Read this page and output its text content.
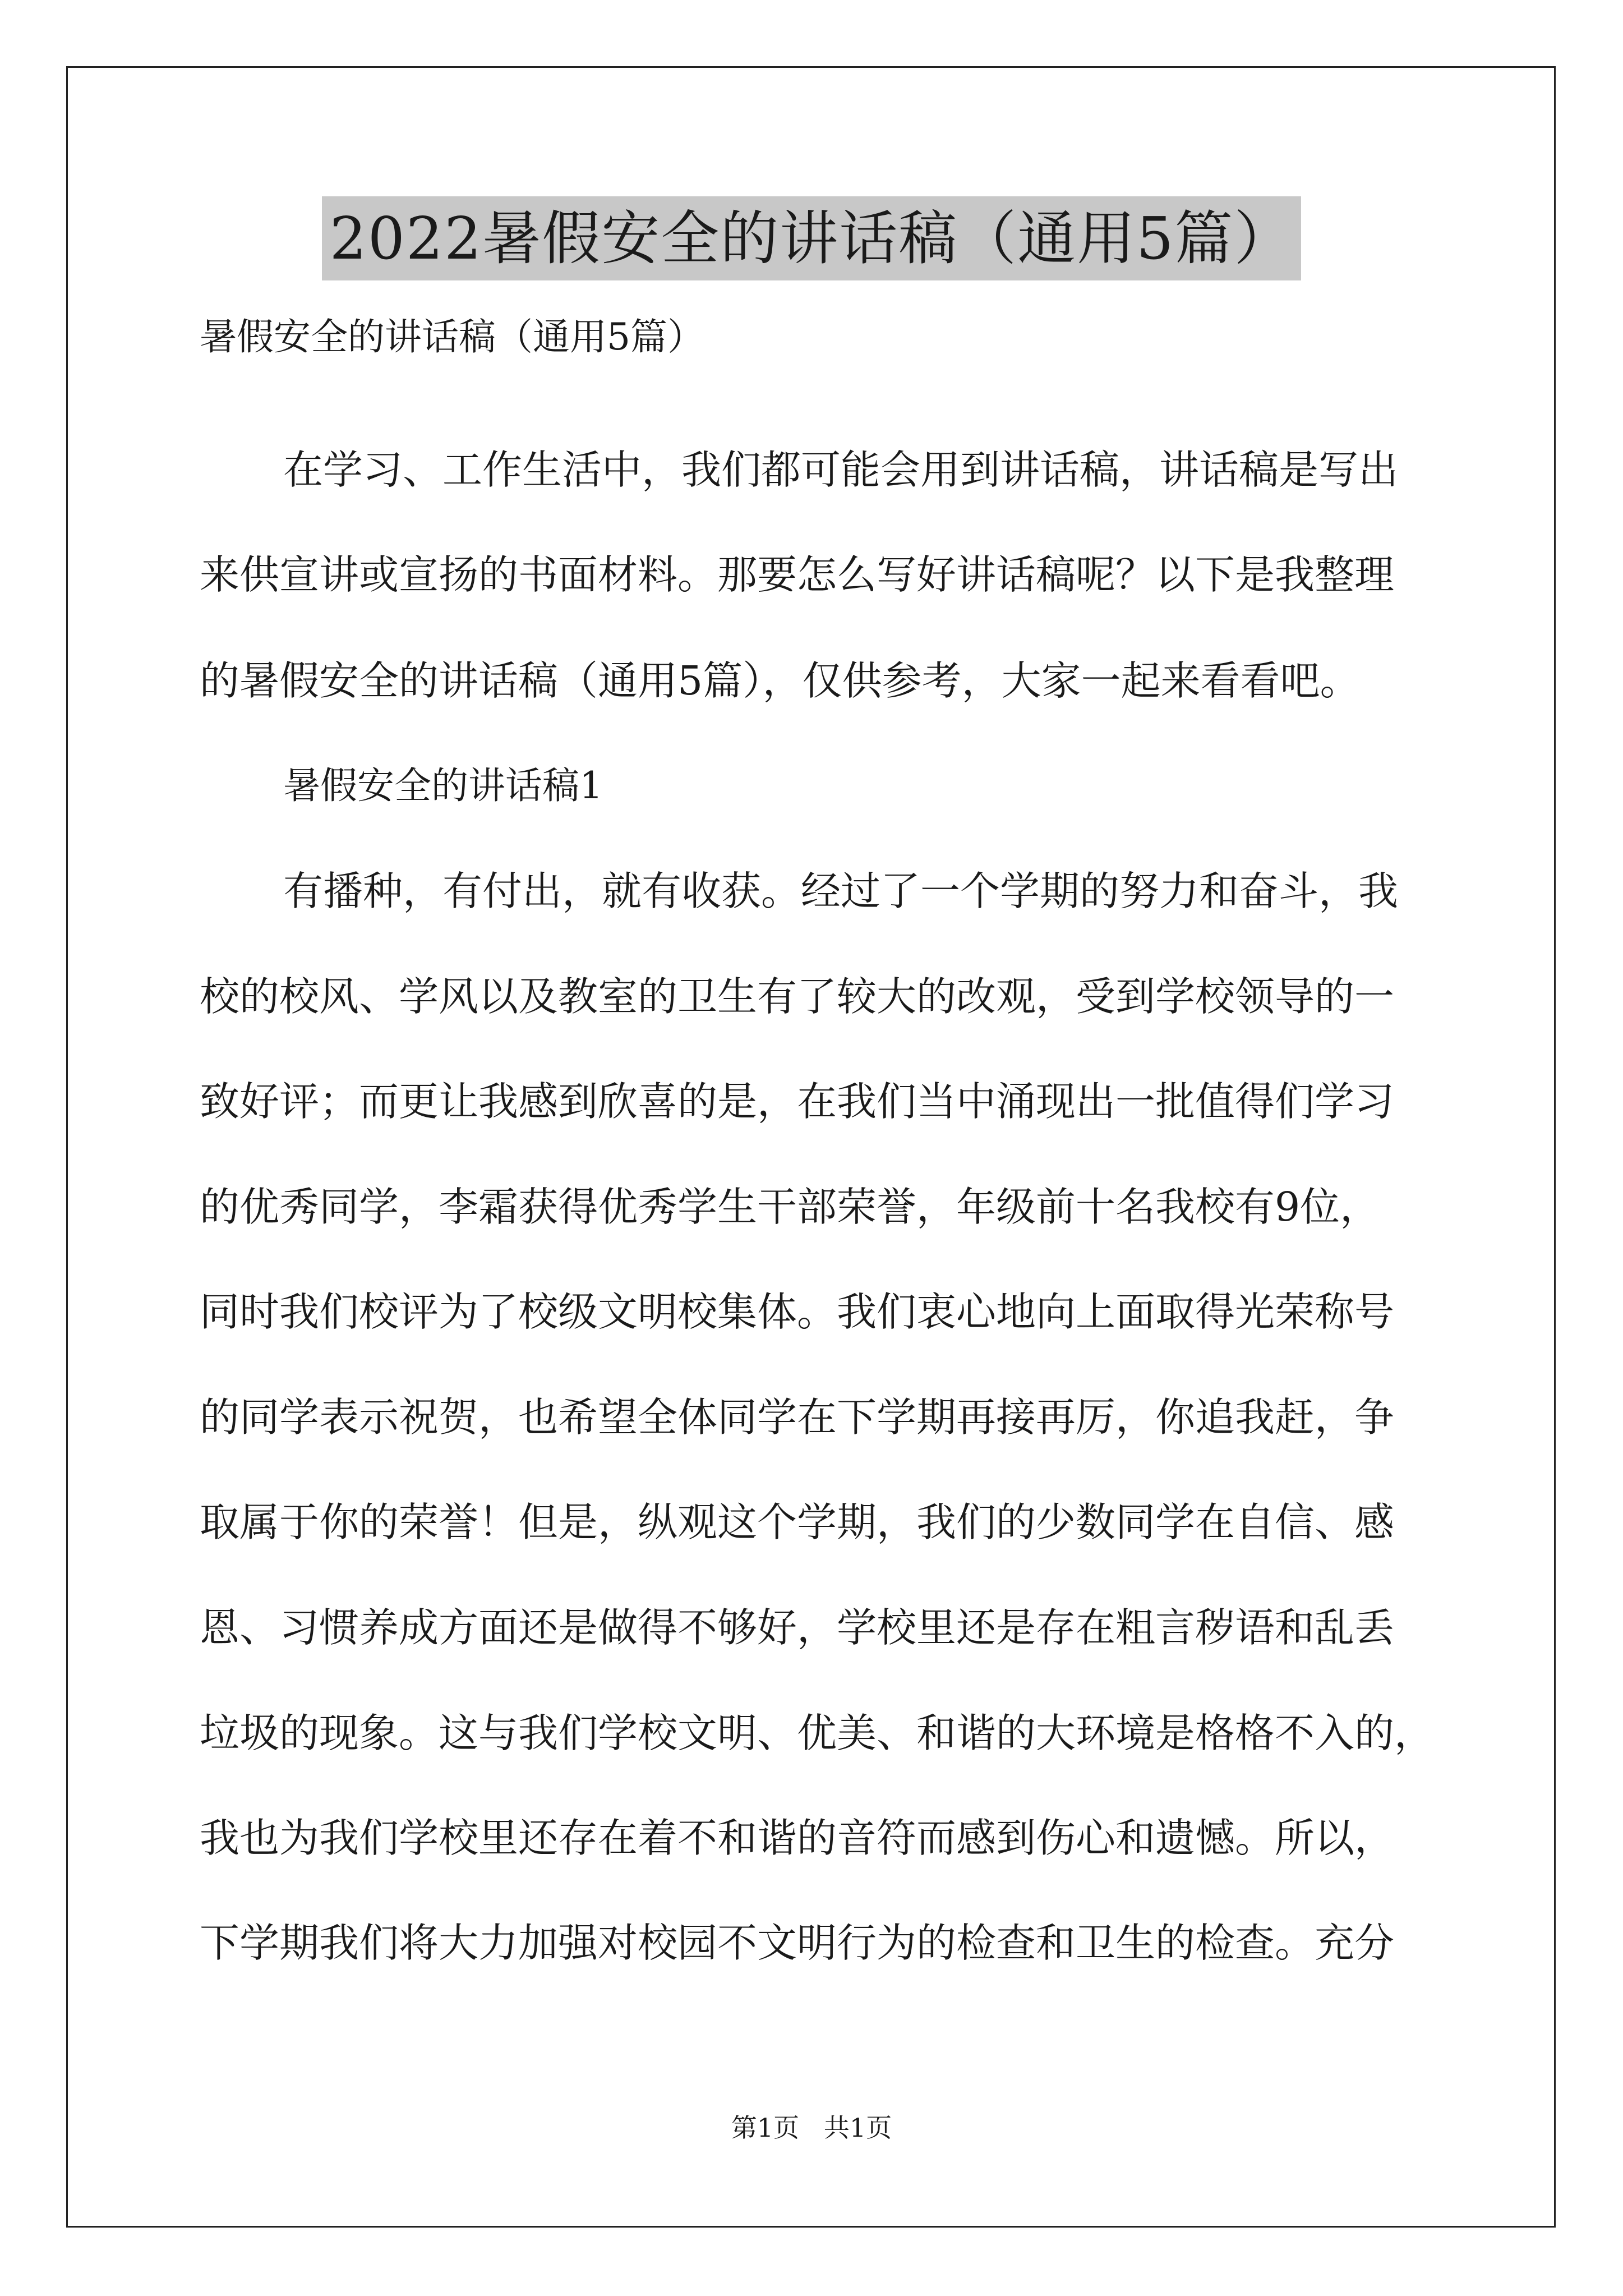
2022暑假安全的讲话稿（通用5篇）
暑假安全的讲话稿（通用5篇）
在学习、工作生活中，我们都可能会用到讲话稿，讲话稿是写出
来供宣讲或宣扬的书面材料。那要怎么写好讲话稿呢？以下是我整理
的暑假安全的讲话稿（通用5篇），仅供参考，大家一起来看看吧。
暑假安全的讲话稿1
有播种，有付出，就有收获。经过了一个学期的努力和奋斗，我
校的校风、学风以及教室的卫生有了较大的改观，受到学校领导的一
致好评；而更让我感到欣喜的是，在我们当中涌现出一批值得们学习
的优秀同学，李霜获得优秀学生干部荣誉，年级前十名我校有9位，
同时我们校评为了校级文明校集体。我们衷心地向上面取得光荣称号
的同学表示祝贺，也希望全体同学在下学期再接再厉，你追我赶，争
取属于你的荣誉！但是，纵观这个学期，我们的少数同学在自信、感
恩、习惯养成方面还是做得不够好，学校里还是存在粗言秽语和乱丢
垃圾的现象。这与我们学校文明、优美、和谐的大环境是格格不入的，
我也为我们学校里还存在着不和谐的音符而感到伤心和遗憾。所以，
下学期我们将大力加强对校园不文明行为的检查和卫生的检查。充分
第1页   共1页
